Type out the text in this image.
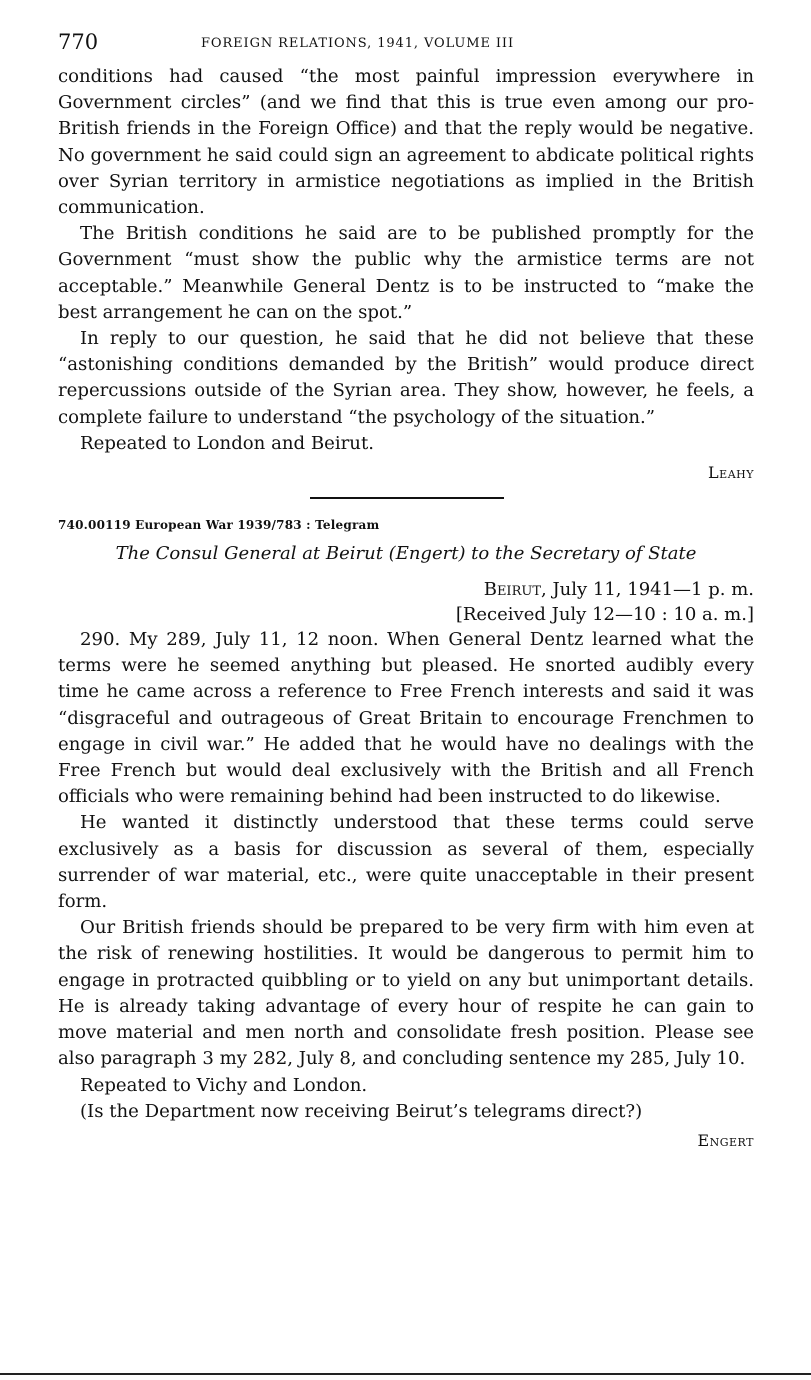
770	FOREIGN RELATIONS, 1941, VOLUME III

conditions had caused “the most painful impression everywhere in Government circles” (and we find that this is true even among our pro-British friends in the Foreign Office) and that the reply would be negative. No government he said could sign an agreement to abdicate political rights over Syrian territory in armistice negotiations as implied in the British communication.

The British conditions he said are to be published promptly for the Government “must show the public why the armistice terms are not acceptable.” Meanwhile General Dentz is to be instructed to “make the best arrangement he can on the spot.”

In reply to our question, he said that he did not believe that these “astonishing conditions demanded by the British” would produce direct repercussions outside of the Syrian area. They show, however, he feels, a complete failure to understand “the psychology of the situation.”

Repeated to London and Beirut.

Leahy
740.00119 European War 1939/783 : Telegram
The Consul General at Beirut (Engert) to the Secretary of State
Beirut, July 11, 1941—1 p. m.
[Received July 12—10 : 10 a. m.]

290. My 289, July 11, 12 noon. When General Dentz learned what the terms were he seemed anything but pleased. He snorted audibly every time he came across a reference to Free French interests and said it was “disgraceful and outrageous of Great Britain to encourage Frenchmen to engage in civil war.” He added that he would have no dealings with the Free French but would deal exclusively with the British and all French officials who were remaining behind had been instructed to do likewise.

He wanted it distinctly understood that these terms could serve exclusively as a basis for discussion as several of them, especially surrender of war material, etc., were quite unacceptable in their present form.

Our British friends should be prepared to be very firm with him even at the risk of renewing hostilities. It would be dangerous to permit him to engage in protracted quibbling or to yield on any but unimportant details. He is already taking advantage of every hour of respite he can gain to move material and men north and consolidate fresh position. Please see also paragraph 3 my 282, July 8, and concluding sentence my 285, July 10.

Repeated to Vichy and London.

(Is the Department now receiving Beirut’s telegrams direct?)

Engert
